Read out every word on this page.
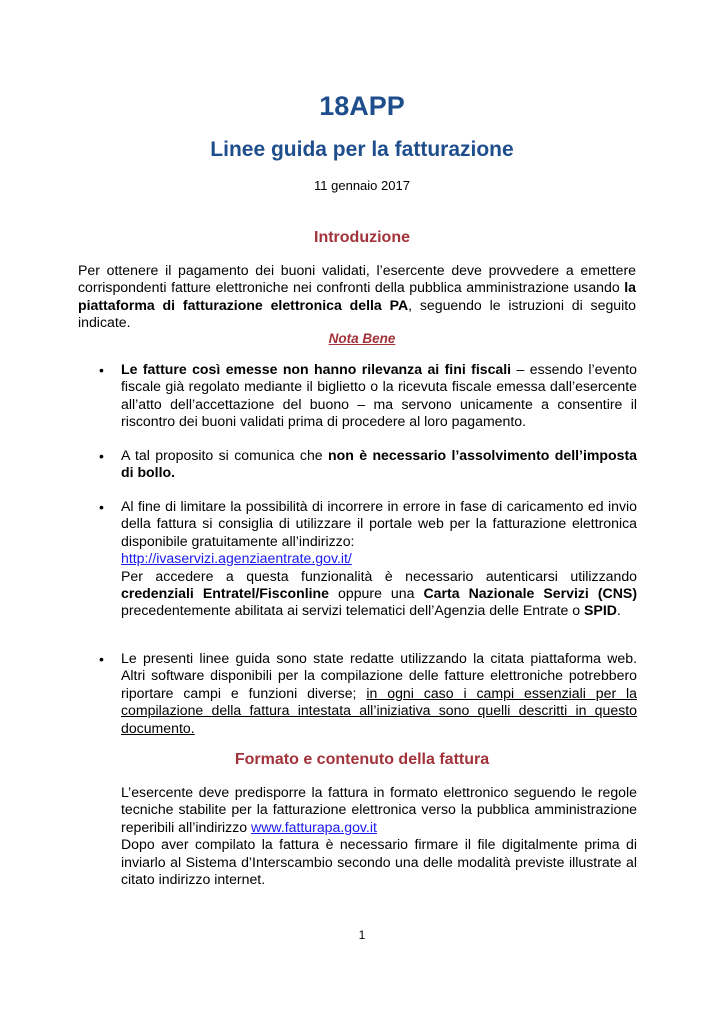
18APP
Linee guida per la fatturazione
11 gennaio 2017
Introduzione
Per ottenere il pagamento dei buoni validati, l’esercente deve provvedere a emettere corrispondenti fatture elettroniche nei confronti della pubblica amministrazione usando la piattaforma di fatturazione elettronica della PA, seguendo le istruzioni di seguito indicate.
Nota Bene
• Le fatture così emesse non hanno rilevanza ai fini fiscali – essendo l’evento fiscale già regolato mediante il biglietto o la ricevuta fiscale emessa dall’esercente all’atto dell’accettazione del buono – ma servono unicamente a consentire il riscontro dei buoni validati prima di procedere al loro pagamento.
• A tal proposito si comunica che non è necessario l’assolvimento dell’imposta di bollo.
• Al fine di limitare la possibilità di incorrere in errore in fase di caricamento ed invio della fattura si consiglia di utilizzare il portale web per la fatturazione elettronica disponibile gratuitamente all’indirizzo:
http://ivaservizi.agenziaentrate.gov.it/
Per accedere a questa funzionalità è necessario autenticarsi utilizzando credenziali Entratel/Fisconline oppure una Carta Nazionale Servizi (CNS) precedentemente abilitata ai servizi telematici dell’Agenzia delle Entrate o SPID.
• Le presenti linee guida sono state redatte utilizzando la citata piattaforma web. Altri software disponibili per la compilazione delle fatture elettroniche potrebbero riportare campi e funzioni diverse; in ogni caso i campi essenziali per la compilazione della fattura intestata all’iniziativa sono quelli descritti in questo documento.
Formato e contenuto della fattura
L’esercente deve predisporre la fattura in formato elettronico seguendo le regole tecniche stabilite per la fatturazione elettronica verso la pubblica amministrazione reperibili all’indirizzo www.fatturapa.gov.it
Dopo aver compilato la fattura è necessario firmare il file digitalmente prima di inviarlo al Sistema d’Interscambio secondo una delle modalità previste illustrate al citato indirizzo internet.
1
